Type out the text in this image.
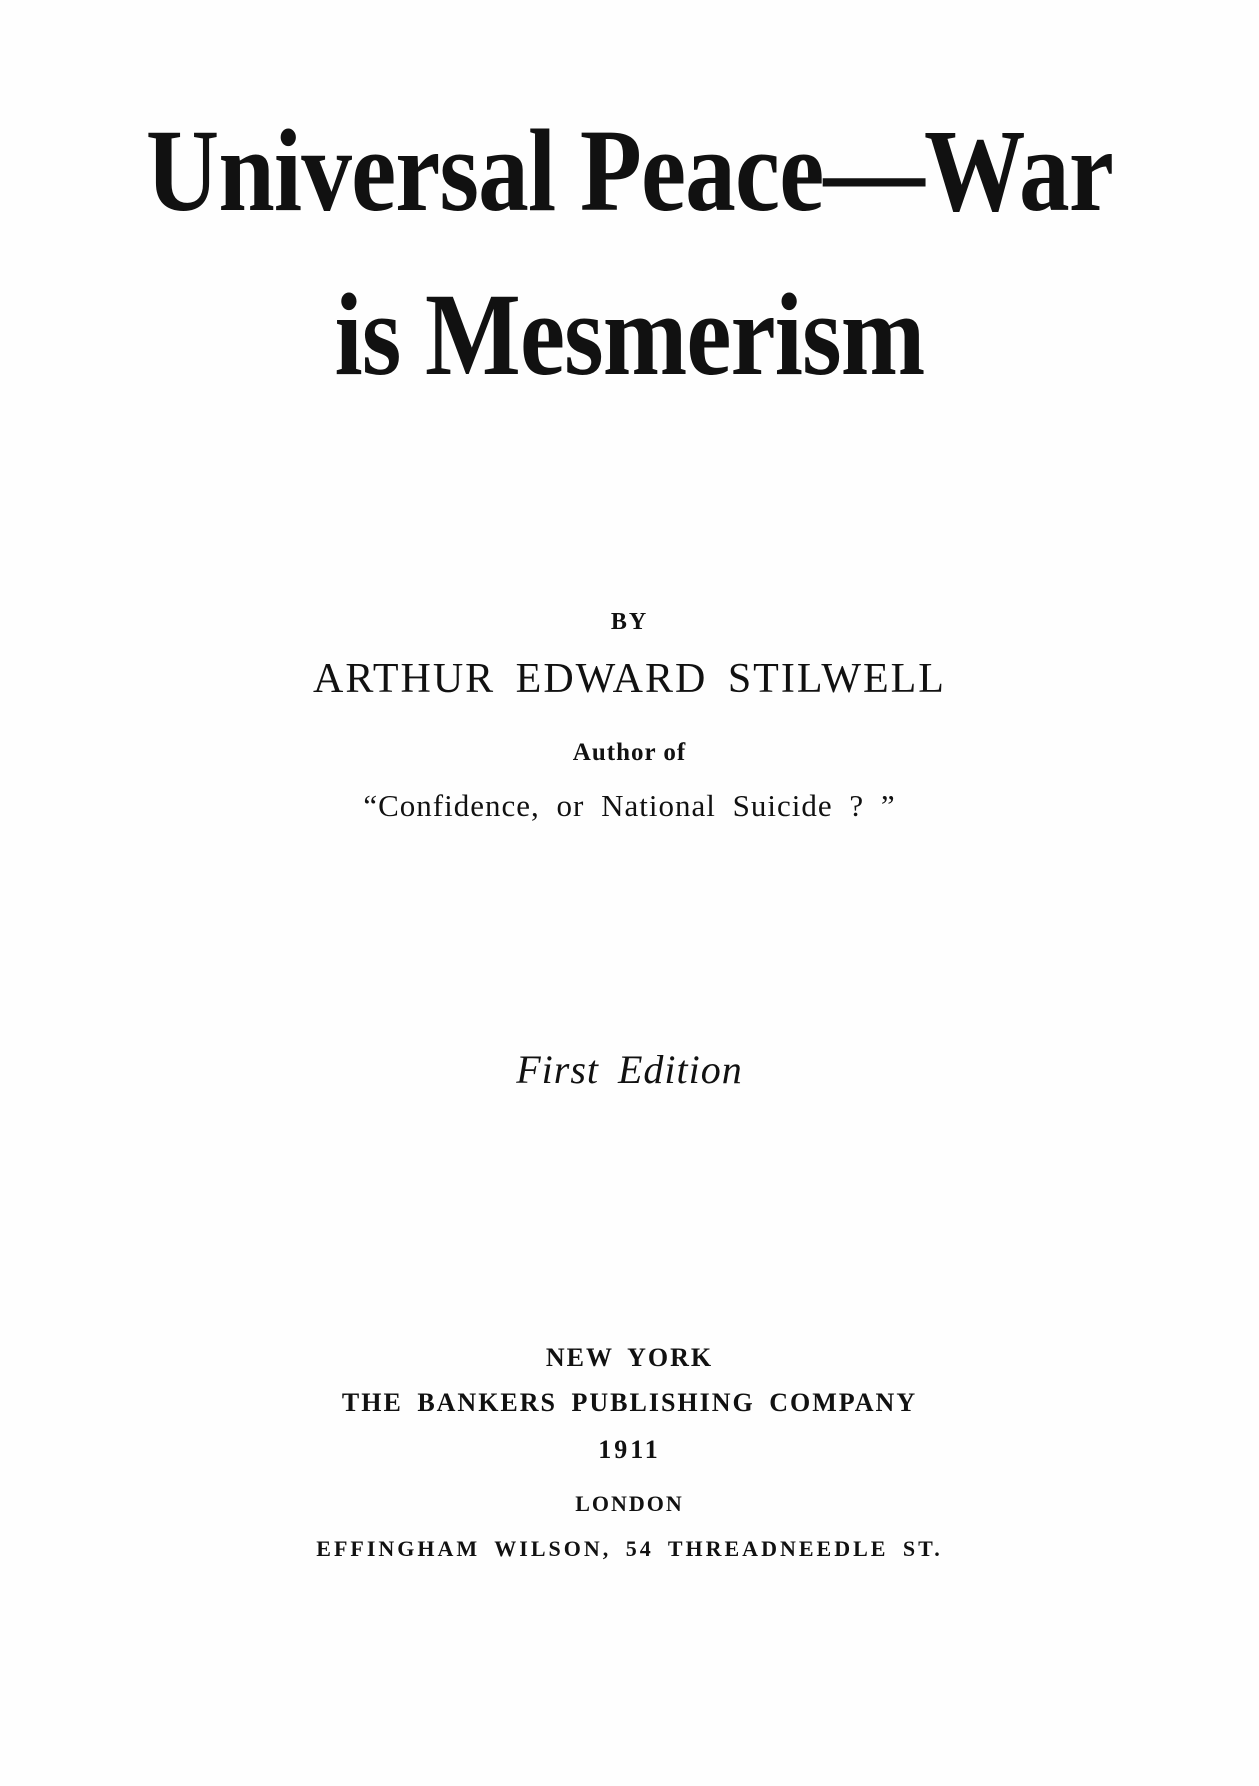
Universal Peace—War
is Mesmerism
BY
ARTHUR EDWARD STILWELL
Author of
“Confidence, or National Suicide ? ”
First Edition
NEW YORK
THE BANKERS PUBLISHING COMPANY
1911
LONDON
EFFINGHAM WILSON, 54 THREADNEEDLE ST.
